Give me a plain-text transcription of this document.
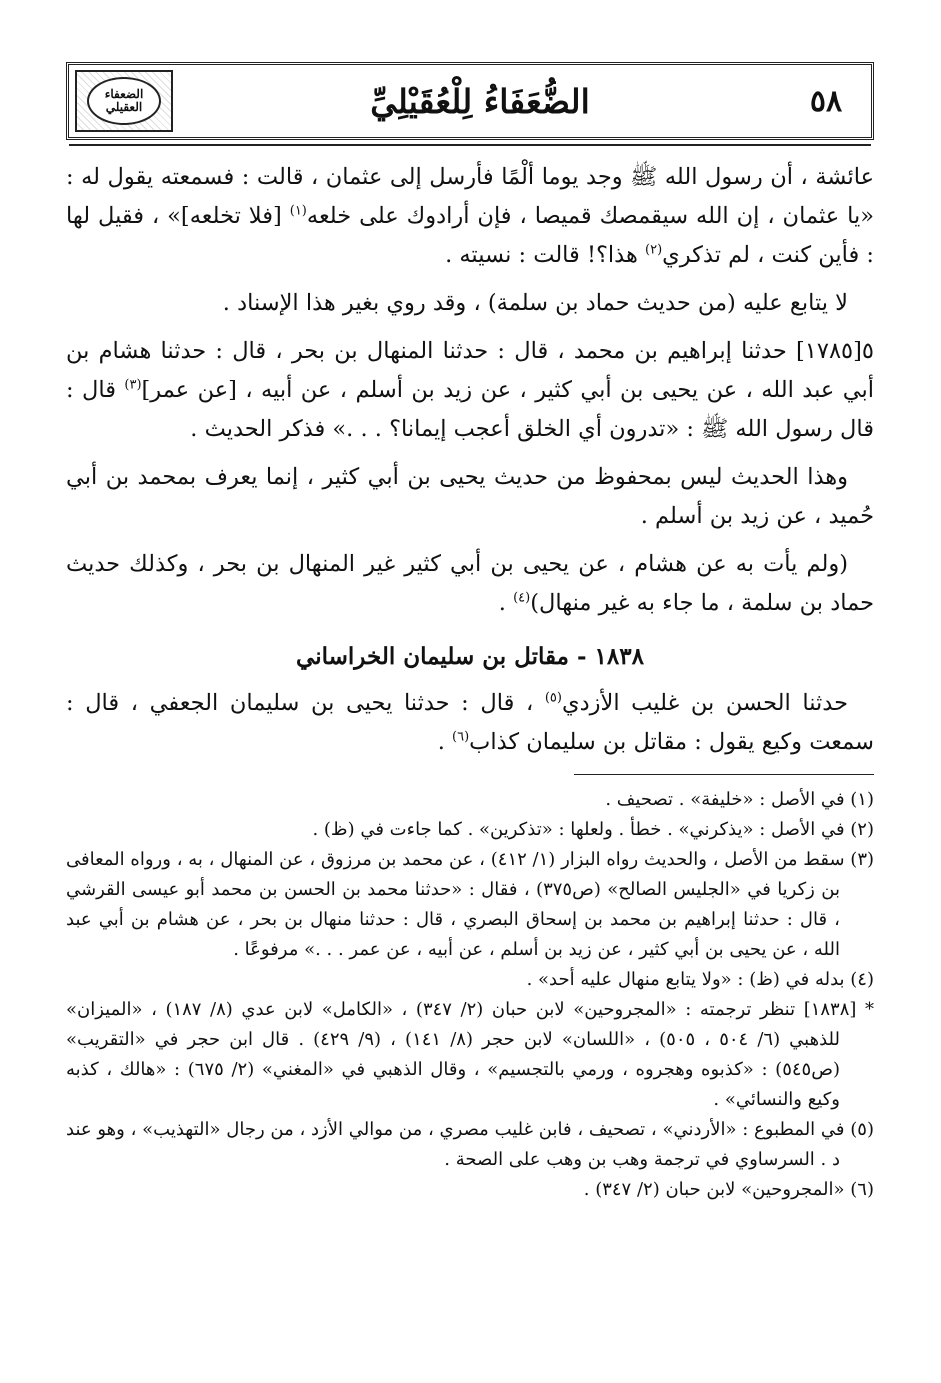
٥٨
الضُّعَفَاءُ لِلْعُقَيْلِيِّ
الضعفاء العقيلي

عائشة ، أن رسول الله ﷺ وجد يوما ألْمًا فأرسل إلى عثمان ، قالت : فسمعته يقول له : «يا عثمان ، إن الله سيقمصك قميصا ، فإن أرادوك على خلعه$^{(١)}$ [فلا تخلعه]» ، فقيل لها : فأين كنت ، لم تذكري$^{(٢)}$ هذا؟! قالت : نسيته .

لا يتابع عليه (من حديث حماد بن سلمة) ، وقد روي بغير هذا الإسناد .

٥[١٧٨٥] حدثنا إبراهيم بن محمد ، قال : حدثنا المنهال بن بحر ، قال : حدثنا هشام بن أبي عبد الله ، عن يحيى بن أبي كثير ، عن زيد بن أسلم ، عن أبيه ، [عن عمر]$^{(٣)}$ قال : قال رسول الله ﷺ : «تدرون أي الخلق أعجب إيمانا؟ . . .» فذكر الحديث .

وهذا الحديث ليس بمحفوظ من حديث يحيى بن أبي كثير ، إنما يعرف بمحمد بن أبي حُميد ، عن زيد بن أسلم .

(ولم يأت به عن هشام ، عن يحيى بن أبي كثير غير المنهال بن بحر ، وكذلك حديث حماد بن سلمة ، ما جاء به غير منهال)$^{(٤)}$ .

١٨٣٨ - مقاتل بن سليمان الخراساني

حدثنا الحسن بن غليب الأزدي$^{(٥)}$ ، قال : حدثنا يحيى بن سليمان الجعفي ، قال : سمعت وكيع يقول : مقاتل بن سليمان كذاب$^{(٦)}$ .

(١) في الأصل : «خليفة» . تصحيف .

(٢) في الأصل : «يذكرني» . خطأ . ولعلها : «تذكرين» . كما جاءت في (ظ) .

(٣) سقط من الأصل ، والحديث رواه البزار (١/ ٤١٢) ، عن محمد بن مرزوق ، عن المنهال ، به ، ورواه المعافى بن زكريا في «الجليس الصالح» (ص٣٧٥) ، فقال : «حدثنا محمد بن الحسن بن محمد أبو عيسى القرشي ، قال : حدثنا إبراهيم بن محمد بن إسحاق البصري ، قال : حدثنا منهال بن بحر ، عن هشام بن أبي عبد الله ، عن يحيى بن أبي كثير ، عن زيد بن أسلم ، عن أبيه ، عن عمر . . .» مرفوعًا .

(٤) بدله في (ظ) : «ولا يتابع منهال عليه أحد» .

* [١٨٣٨] تنظر ترجمته : «المجروحين» لابن حبان (٢/ ٣٤٧) ، «الكامل» لابن عدي (٨/ ١٨٧) ، «الميزان» للذهبي (٦/ ٥٠٤ ، ٥٠٥) ، «اللسان» لابن حجر (٨/ ١٤١) ، (٩/ ٤٢٩) . قال ابن حجر في «التقريب» (ص٥٤٥) : «كذبوه وهجروه ، ورمي بالتجسيم» ، وقال الذهبي في «المغني» (٢/ ٦٧٥) : «هالك ، كذبه وكيع والنسائي» .

(٥) في المطبوع : «الأردني» ، تصحيف ، فابن غليب مصري ، من موالي الأزد ، من رجال «التهذيب» ، وهو عند د . السرساوي في ترجمة وهب بن وهب على الصحة .

(٦) «المجروحين» لابن حبان (٢/ ٣٤٧) .
